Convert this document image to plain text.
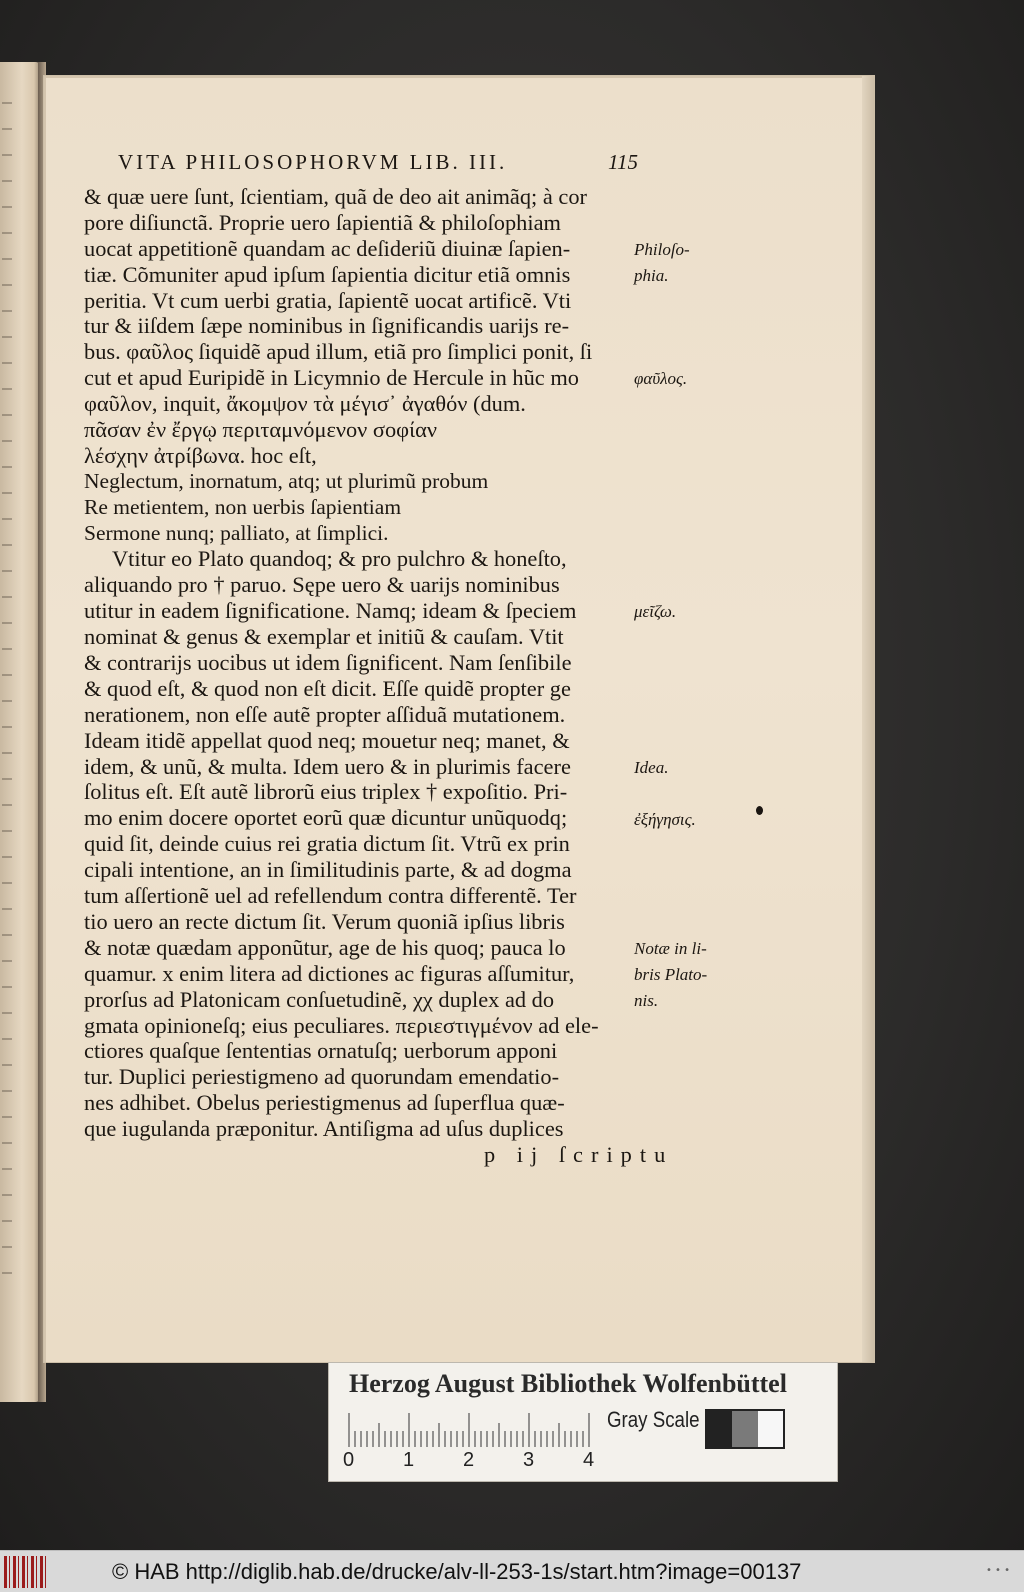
VITA PHILOSOPHORVM LIB. III.	115
& quæ uere ſunt, ſcientiam, quã de deo ait animãq; à cor
pore diſiunctã. Proprie uero ſapientiã & philoſophiam
uocat appetitionẽ quandam ac deſideriũ diuinæ ſapien-
tiæ. Cõmuniter apud ipſum ſapientia dicitur etiã omnis
peritia. Vt cum uerbi gratia, ſapientẽ uocat artificẽ. Vti
tur & iiſdem ſæpe nominibus in ſignificandis uarijs re-
bus. φαῦλος ſiquidẽ apud illum, etiã pro ſimplici ponit, ſi
cut et apud Euripidẽ in Licymnio de Hercule in hũc mo
φαῦλον, inquit, ἄκομψον τὰ μέγισ᾽ ἀγαθόν (dum.
πᾶσαν ἐν ἔργῳ περιταμνόμενον σοφίαν
λέσχην ἀτρίβωνα. hoc eſt,
Neglectum, inornatum, atq; ut plurimũ probum
Re metientem, non uerbis ſapientiam
Sermone nunq; palliato, at ſimplici.
Vtitur eo Plato quandoq; & pro pulchro & honeſto,
aliquando pro † paruo. Sępe uero & uarijs nominibus
utitur in eadem ſignificatione. Namq; ideam & ſpeciem
nominat & genus & exemplar et initiũ & cauſam. Vtit
& contrarijs uocibus ut idem ſignificent. Nam ſenſibile
& quod eſt, & quod non eſt dicit. Eſſe quidẽ propter ge
nerationem, non eſſe autẽ propter aſſiduã mutationem.
Ideam itidẽ appellat quod neq; mouetur neq; manet, &
idem, & unũ, & multa. Idem uero & in plurimis facere
ſolitus eſt. Eſt autẽ librorũ eius triplex † expoſitio. Pri-
mo enim docere oportet eorũ quæ dicuntur unũquodq;
quid ſit, deinde cuius rei gratia dictum ſit. Vtrũ ex prin
cipali intentione, an in ſimilitudinis parte, & ad dogma
tum aſſertionẽ uel ad refellendum contra differentẽ. Ter
tio uero an recte dictum ſit. Verum quoniã ipſius libris
& notæ quædam apponũtur, age de his quoq; pauca lo
quamur. x enim litera ad dictiones ac figuras aſſumitur,
prorſus ad Platonicam conſuetudinẽ, χχ duplex ad do
gmata opinioneſq; eius peculiares. περιεστιγμένον ad ele-
ctiores quaſque ſententias ornatuſq; uerborum apponi
tur. Duplici periestigmeno ad quorundam emendatio-
nes adhibet. Obelus periestigmenus ad ſuperflua quæ-
que iugulanda præponitur. Antiſigma ad uſus duplices
p ij ſcriptu
Philoſo-
phia.
φαῦλος.
μεῖζω.
Idea.
ἐξήγησις.
Notæ in li-
bris Plato-
nis.
Herzog August Bibliothek Wolfenbüttel
0 1 2 3 4
Gray Scale
© HAB http://diglib.hab.de/drucke/alv-ll-253-1s/start.htm?image=00137	• • •
